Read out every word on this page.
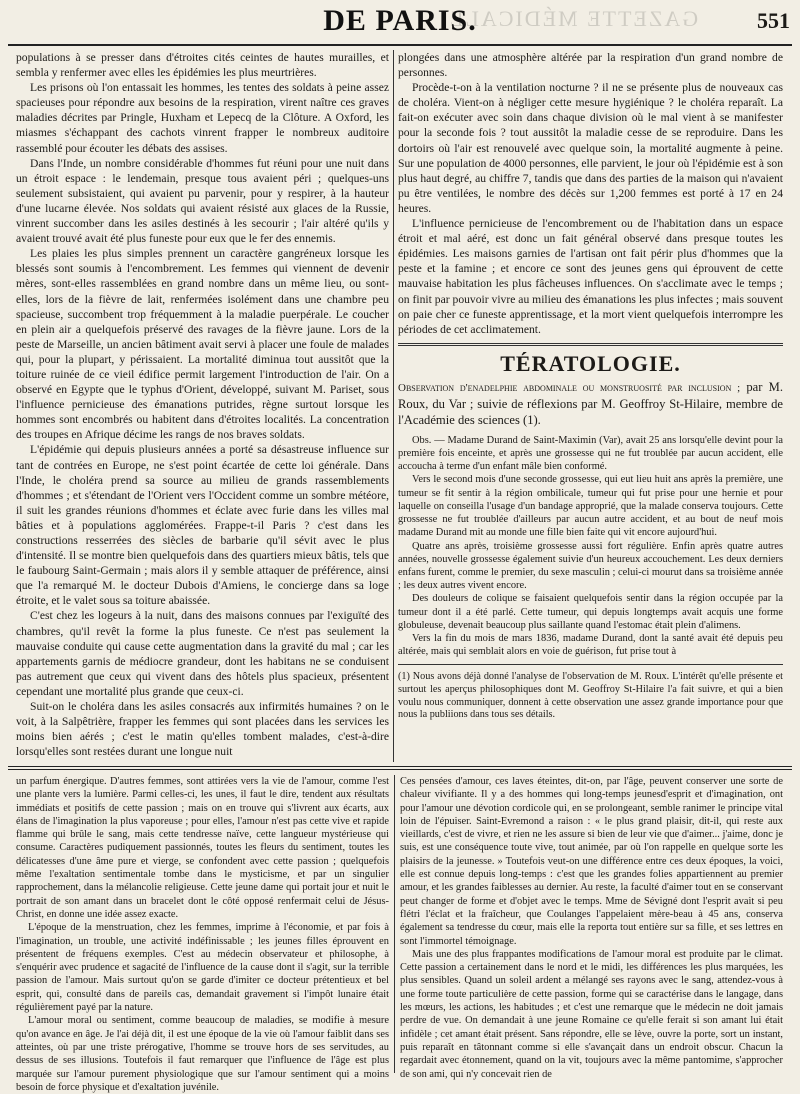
GAZETTE MÉDICALE
DE PARIS.	551

populations à se presser dans d'étroites cités ceintes de hautes murailles, et sembla y renfermer avec elles les épidémies les plus meurtrières.

Les prisons où l'on entassait les hommes, les tentes des soldats à peine assez spacieuses pour répondre aux besoins de la respiration, virent naître ces graves maladies décrites par Pringle, Huxham et Lepecq de la Clôture. A Oxford, les miasmes s'échappant des cachots vinrent frapper le nombreux auditoire rassemblé pour écouter les débats des assises.

Dans l'Inde, un nombre considérable d'hommes fut réuni pour une nuit dans un étroit espace : le lendemain, presque tous avaient péri ; quelques-uns seulement subsistaient, qui avaient pu parvenir, pour y respirer, à la hauteur d'une lucarne élevée. Nos soldats qui avaient résisté aux glaces de la Russie, vinrent succomber dans les asiles destinés à les secourir ; l'air altéré qu'ils y avaient trouvé avait été plus funeste pour eux que le fer des ennemis.

Les plaies les plus simples prennent un caractère gangréneux lorsque les blessés sont soumis à l'encombrement. Les femmes qui viennent de devenir mères, sont-elles rassemblées en grand nombre dans un même lieu, ou sont-elles, lors de la fièvre de lait, renfermées isolément dans une chambre peu spacieuse, succombent trop fréquemment à la maladie puerpérale. Le coucher en plein air a quelquefois préservé des ravages de la fièvre jaune. Lors de la peste de Marseille, un ancien bâtiment avait servi à placer une foule de malades qui, pour la plupart, y périssaient. La mortalité diminua tout aussitôt que la toiture ruinée de ce vieil édifice permit largement l'introduction de l'air. On a observé en Egypte que le typhus d'Orient, développé, suivant M. Pariset, sous l'influence pernicieuse des émanations putrides, règne surtout lorsque les hommes sont encombrés ou habitent dans d'étroites localités. La concentration des troupes en Afrique décime les rangs de nos braves soldats.

L'épidémie qui depuis plusieurs années a porté sa désastreuse influence sur tant de contrées en Europe, ne s'est point écartée de cette loi générale. Dans l'Inde, le choléra prend sa source au milieu de grands rassemblements d'hommes ; et s'étendant de l'Orient vers l'Occident comme un sombre météore, il suit les grandes réunions d'hommes et éclate avec furie dans les villes mal bâties et à populations agglomérées. Frappe-t-il Paris ? c'est dans les constructions resserrées des siècles de barbarie qu'il sévit avec le plus d'intensité. Il se montre bien quelquefois dans des quartiers mieux bâtis, tels que le faubourg Saint-Germain ; mais alors il y semble attaquer de préférence, ainsi que l'a remarqué M. le docteur Dubois d'Amiens, le concierge dans sa loge étroite, et le valet sous sa toiture abaissée.

C'est chez les logeurs à la nuit, dans des maisons connues par l'exiguïté des chambres, qu'il revêt la forme la plus funeste. Ce n'est pas seulement la mauvaise conduite qui cause cette augmentation dans la gravité du mal ; car les appartements garnis de médiocre grandeur, dont les habitans ne se conduisent pas autrement que ceux qui vivent dans des hôtels plus spacieux, présentent cependant une mortalité plus grande que ceux-ci.

Suit-on le choléra dans les asiles consacrés aux infirmités humaines ? on le voit, à la Salpêtrière, frapper les femmes qui sont placées dans les services les moins bien aérés ; c'est le matin qu'elles tombent malades, c'est-à-dire lorsqu'elles sont restées durant une longue nuit

plongées dans une atmosphère altérée par la respiration d'un grand nombre de personnes.

Procède-t-on à la ventilation nocturne ? il ne se présente plus de nouveaux cas de choléra. Vient-on à négliger cette mesure hygiénique ? le choléra reparaît. La fait-on exécuter avec soin dans chaque division où le mal vient à se manifester pour la seconde fois ? tout aussitôt la maladie cesse de se reproduire. Dans les dortoirs où l'air est renouvelé avec quelque soin, la mortalité augmente à peine. Sur une population de 4000 personnes, elle parvient, le jour où l'épidémie est à son plus haut degré, au chiffre 7, tandis que dans des parties de la maison qui n'avaient pu être ventilées, le nombre des décès sur 1,200 femmes est porté à 17 en 24 heures.

L'influence pernicieuse de l'encombrement ou de l'habitation dans un espace étroit et mal aéré, est donc un fait général observé dans presque toutes les épidémies. Les maisons garnies de l'artisan ont fait périr plus d'hommes que la peste et la famine ; et encore ce sont des jeunes gens qui éprouvent de cette mauvaise habitation les plus fâcheuses influences. On s'acclimate avec le temps ; on finit par pouvoir vivre au milieu des émanations les plus infectes ; mais souvent on paie cher ce funeste apprentissage, et la mort vient quelquefois interrompre les périodes de cet acclimatement.

TÉRATOLOGIE.
Observation d'enadelphie abdominale ou monstruosité par inclusion ; par M. Roux, du Var ; suivie de réflexions par M. Geoffroy St-Hilaire, membre de l'Académie des sciences (1).

Obs. — Madame Durand de Saint-Maximin (Var), avait 25 ans lorsqu'elle devint pour la première fois enceinte, et après une grossesse qui ne fut troublée par aucun accident, elle accoucha à terme d'un enfant mâle bien conformé.

Vers le second mois d'une seconde grossesse, qui eut lieu huit ans après la première, une tumeur se fit sentir à la région ombilicale, tumeur qui fut prise pour une hernie et pour laquelle on conseilla l'usage d'un bandage approprié, que la malade conserva toujours. Cette grossesse ne fut troublée d'ailleurs par aucun autre accident, et au bout de neuf mois madame Durand mit au monde une fille bien faite qui vit encore aujourd'hui.

Quatre ans après, troisième grossesse aussi fort régulière. Enfin après quatre autres années, nouvelle grossesse également suivie d'un heureux accouchement. Les deux derniers enfans furent, comme le premier, du sexe masculin ; celui-ci mourut dans sa troisième année ; les deux autres vivent encore.

Des douleurs de colique se faisaient quelquefois sentir dans la région occupée par la tumeur dont il a été parlé. Cette tumeur, qui depuis longtemps avait acquis une forme globuleuse, devenait beaucoup plus saillante quand l'estomac était plein d'alimens.

Vers la fin du mois de mars 1836, madame Durand, dont la santé avait été depuis peu altérée, mais qui semblait alors en voie de guérison, fut prise tout à

(1) Nous avons déjà donné l'analyse de l'observation de M. Roux. L'intérêt qu'elle présente et surtout les aperçus philosophiques dont M. Geoffroy St-Hilaire l'a fait suivre, et qui a bien voulu nous communiquer, donnent à cette observation une assez grande importance pour que nous la publiions dans tous ses détails.

un parfum énergique. D'autres femmes, sont attirées vers la vie de l'amour, comme l'est une plante vers la lumière. Parmi celles-ci, les unes, il faut le dire, tendent aux résultats immédiats et positifs de cette passion ; mais on en trouve qui s'livrent aux écarts, aux élans de l'imagination la plus vaporeuse ; pour elles, l'amour n'est pas cette vive et rapide flamme qui brûle le sang, mais cette tendresse naïve, cette langueur mystérieuse qui consume. Caractères pudiquement passionnés, toutes les fleurs du sentiment, toutes les délicatesses d'une âme pure et vierge, se confondent avec cette passion ; quelquefois même l'exaltation sentimentale tombe dans le mysticisme, et par un singulier rapprochement, dans la mélancolie religieuse. Cette jeune dame qui portait jour et nuit le portrait de son amant dans un bracelet dont le côté opposé renfermait celui de Jésus-Christ, en donne une idée assez exacte.

L'époque de la menstruation, chez les femmes, imprime à l'économie, et par fois à l'imagination, un trouble, une activité indéfinissable ; les jeunes filles éprouvent en présentent de fréquens exemples. C'est au médecin observateur et philosophe, à s'enquérir avec prudence et sagacité de l'influence de la cause dont il s'agit, sur la terrible passion de l'amour. Mais surtout qu'on se garde d'imiter ce docteur prétentieux et bel esprit, qui, consulté dans de pareils cas, demandait gravement si l'impôt lunaire était régulièrement payé par la nature.

L'amour moral ou sentiment, comme beaucoup de maladies, se modifie à mesure qu'on avance en âge. Je l'ai déjà dit, il est une époque de la vie où l'amour faiblit dans ses atteintes, où par une triste prérogative, l'homme se trouve hors de ses servitudes, au dessus de ses illusions. Toutefois il faut remarquer que l'influence de l'âge est plus marquée sur l'amour purement physiologique que sur l'amour sentiment qui a moins besoin de force physique et d'exaltation juvénile.

Ces pensées d'amour, ces laves éteintes, dit-on, par l'âge, peuvent conserver une sorte de chaleur vivifiante. Il y a des hommes qui long-temps jeunesd'esprit et d'imagination, ont pour l'amour une dévotion cordicole qui, en se prolongeant, semble ranimer le principe vital loin de l'épuiser. Saint-Evremond a raison : « le plus grand plaisir, dit-il, qui reste aux vieillards, c'est de vivre, et rien ne les assure si bien de leur vie que d'aimer... j'aime, donc je suis, est une conséquence toute vive, tout animée, par où l'on rappelle en quelque sorte les plaisirs de la jeunesse. » Toutefois veut-on une différence entre ces deux époques, la voici, elle est connue depuis long-temps : c'est que les grandes folies appartiennent au premier amour, et les grandes faiblesses au dernier. Au reste, la faculté d'aimer tout en se conservant peut changer de forme et d'objet avec le temps. Mme de Sévigné dont l'esprit avait si peu flétri l'éclat et la fraîcheur, que Coulanges l'appelaient mère-beau à 45 ans, conserva également sa tendresse du cœur, mais elle la reporta tout entière sur sa fille, et ses lettres en sont l'immortel témoignage.

Mais une des plus frappantes modifications de l'amour moral est produite par le climat. Cette passion a certainement dans le nord et le midi, les différences les plus marquées, les plus sensibles. Quand un soleil ardent a mélangé ses rayons avec le sang, attendez-vous à une forme toute particulière de cette passion, forme qui se caractérise dans le langage, dans les mœurs, les actions, les habitudes ; et c'est une remarque que le médecin ne doit jamais perdre de vue. On demandait à une jeune Romaine ce qu'elle ferait si son amant lui était infidèle ; cet amant était présent. Sans répondre, elle se lève, ouvre la porte, sort un instant, puis reparaît en tâtonnant comme si elle s'avançait dans un endroit obscur. Chacun la regardait avec étonnement, quand on la vit, toujours avec la même pantomime, s'approcher de son ami, qui n'y concevait rien de
